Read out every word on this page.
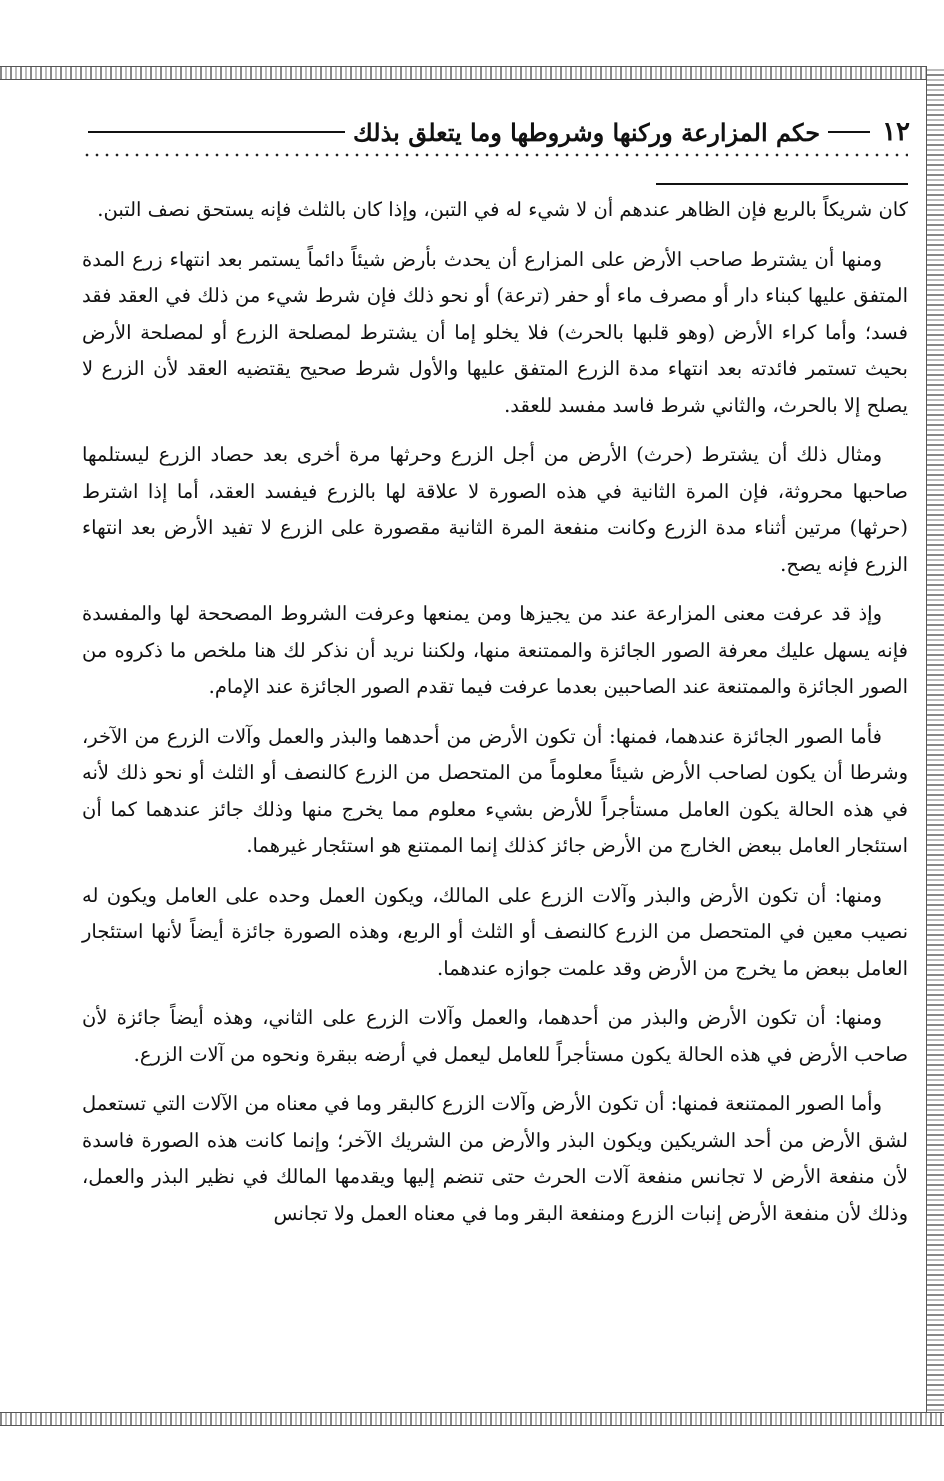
١٢
حكم المزارعة وركنها وشروطها وما يتعلق بذلك

كان شريكاً بالربع فإن الظاهر عندهم أن لا شيء له في التبن، وإذا كان بالثلث فإنه يستحق نصف التبن.

ومنها أن يشترط صاحب الأرض على المزارع أن يحدث بأرض شيئاً دائماً يستمر بعد انتهاء زرع المدة المتفق عليها كبناء دار أو مصرف ماء أو حفر (ترعة) أو نحو ذلك فإن شرط شيء من ذلك في العقد فقد فسد؛ وأما كراء الأرض (وهو قلبها بالحرث) فلا يخلو إما أن يشترط لمصلحة الزرع أو لمصلحة الأرض بحيث تستمر فائدته بعد انتهاء مدة الزرع المتفق عليها والأول شرط صحيح يقتضيه العقد لأن الزرع لا يصلح إلا بالحرث، والثاني شرط فاسد مفسد للعقد.

ومثال ذلك أن يشترط (حرث) الأرض من أجل الزرع وحرثها مرة أخرى بعد حصاد الزرع ليستلمها صاحبها محروثة، فإن المرة الثانية في هذه الصورة لا علاقة لها بالزرع فيفسد العقد، أما إذا اشترط (حرثها) مرتين أثناء مدة الزرع وكانت منفعة المرة الثانية مقصورة على الزرع لا تفيد الأرض بعد انتهاء الزرع فإنه يصح.

وإذ قد عرفت معنى المزارعة عند من يجيزها ومن يمنعها وعرفت الشروط المصححة لها والمفسدة فإنه يسهل عليك معرفة الصور الجائزة والممتنعة منها، ولكننا نريد أن نذكر لك هنا ملخص ما ذكروه من الصور الجائزة والممتنعة عند الصاحبين بعدما عرفت فيما تقدم الصور الجائزة عند الإمام.

فأما الصور الجائزة عندهما، فمنها: أن تكون الأرض من أحدهما والبذر والعمل وآلات الزرع من الآخر، وشرطا أن يكون لصاحب الأرض شيئاً معلوماً من المتحصل من الزرع كالنصف أو الثلث أو نحو ذلك لأنه في هذه الحالة يكون العامل مستأجراً للأرض بشيء معلوم مما يخرج منها وذلك جائز عندهما كما أن استئجار العامل ببعض الخارج من الأرض جائز كذلك إنما الممتنع هو استئجار غيرهما.

ومنها: أن تكون الأرض والبذر وآلات الزرع على المالك، ويكون العمل وحده على العامل ويكون له نصيب معين في المتحصل من الزرع كالنصف أو الثلث أو الربع، وهذه الصورة جائزة أيضاً لأنها استئجار العامل ببعض ما يخرج من الأرض وقد علمت جوازه عندهما.

ومنها: أن تكون الأرض والبذر من أحدهما، والعمل وآلات الزرع على الثاني، وهذه أيضاً جائزة لأن صاحب الأرض في هذه الحالة يكون مستأجراً للعامل ليعمل في أرضه ببقرة ونحوه من آلات الزرع.

وأما الصور الممتنعة فمنها: أن تكون الأرض وآلات الزرع كالبقر وما في معناه من الآلات التي تستعمل لشق الأرض من أحد الشريكين ويكون البذر والأرض من الشريك الآخر؛ وإنما كانت هذه الصورة فاسدة لأن منفعة الأرض لا تجانس منفعة آلات الحرث حتى تنضم إليها ويقدمها المالك في نظير البذر والعمل، وذلك لأن منفعة الأرض إنبات الزرع ومنفعة البقر وما في معناه العمل ولا تجانس
